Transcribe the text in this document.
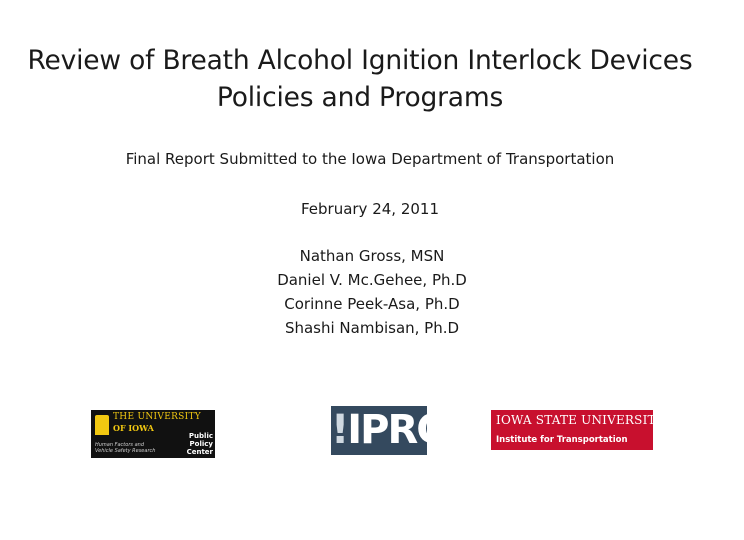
Review of Breath Alcohol Ignition Interlock Devices
Policies and Programs
Final Report Submitted to the Iowa Department of Transportation
February 24, 2011
Nathan Gross, MSN
Daniel V. Mc.Gehee, Ph.D
Corinne Peek-Asa, Ph.D
Shashi Nambisan, Ph.D
THE UNIVERSITY
OF IOWA
Public Policy
Center
Human Factors and
Vehicle Safety Research	!IPRC	IOWA STATE UNIVERSITY
Institute for Transportation
